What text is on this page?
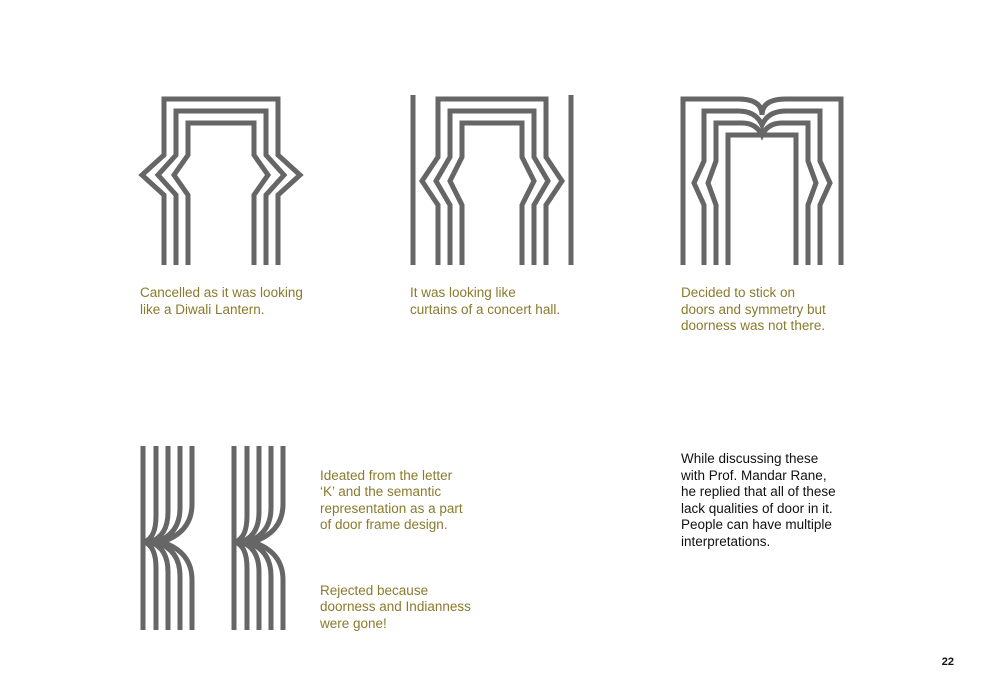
Cancelled as it was looking
like a Diwali Lantern.
It was looking like
curtains of a concert hall.
Decided to stick on
doors and symmetry but
doorness was not there.

Ideated from the letter
‘K’ and the semantic
representation as a part
of door frame design.

Rejected because
doorness and Indianness
were gone!

While discussing these
with Prof. Mandar Rane,
he replied that all of these
lack qualities of door in it.
People can have multiple
interpretations.
22
